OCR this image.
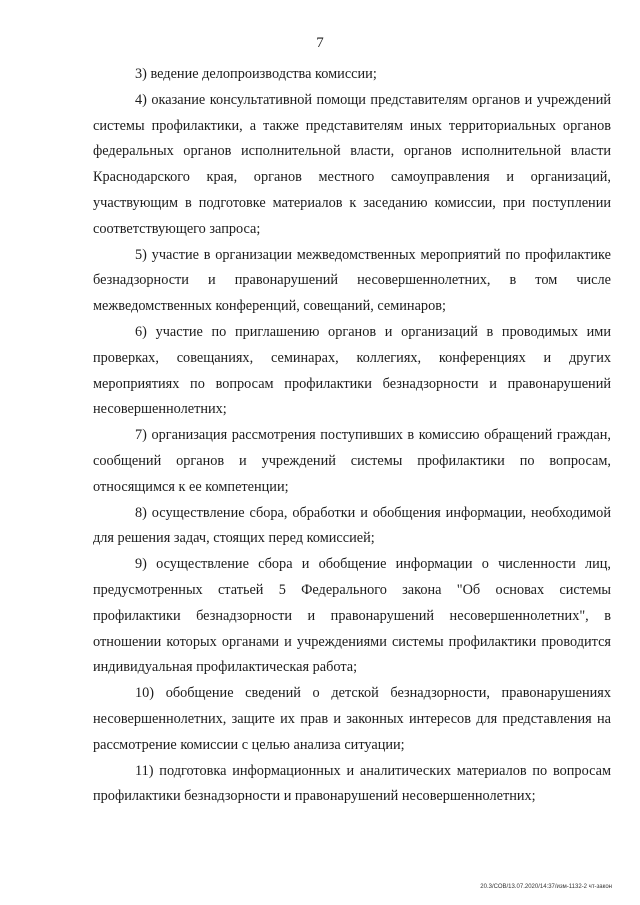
7

3) ведение делопроизводства комиссии;

4) оказание консультативной помощи представителям органов и учреждений системы профилактики, а также представителям иных территориальных органов федеральных органов исполнительной власти, органов исполнительной власти Краснодарского края, органов местного самоуправления и организаций, участвующим в подготовке материалов к заседанию комиссии, при поступлении соответствующего запроса;

5) участие в организации межведомственных мероприятий по профилактике безнадзорности и правонарушений несовершеннолетних, в том числе межведомственных конференций, совещаний, семинаров;

6) участие по приглашению органов и организаций в проводимых ими проверках, совещаниях, семинарах, коллегиях, конференциях и других мероприятиях по вопросам профилактики безнадзорности и правонарушений несовершеннолетних;

7) организация рассмотрения поступивших в комиссию обращений граждан, сообщений органов и учреждений системы профилактики по вопросам, относящимся к ее компетенции;

8) осуществление сбора, обработки и обобщения информации, необходимой для решения задач, стоящих перед комиссией;

9) осуществление сбора и обобщение информации о численности лиц, предусмотренных статьей 5 Федерального закона "Об основах системы профилактики безнадзорности и правонарушений несовершеннолетних", в отношении которых органами и учреждениями системы профилактики проводится индивидуальная профилактическая работа;

10) обобщение сведений о детской безнадзорности, правонарушениях несовершеннолетних, защите их прав и законных интересов для представления на рассмотрение комиссии с целью анализа ситуации;

11) подготовка информационных и аналитических материалов по вопросам профилактики безнадзорности и правонарушений несовершеннолетних;

20.3/СОВ/13.07.2020/14:37/изм-1132-2 чт-закон
